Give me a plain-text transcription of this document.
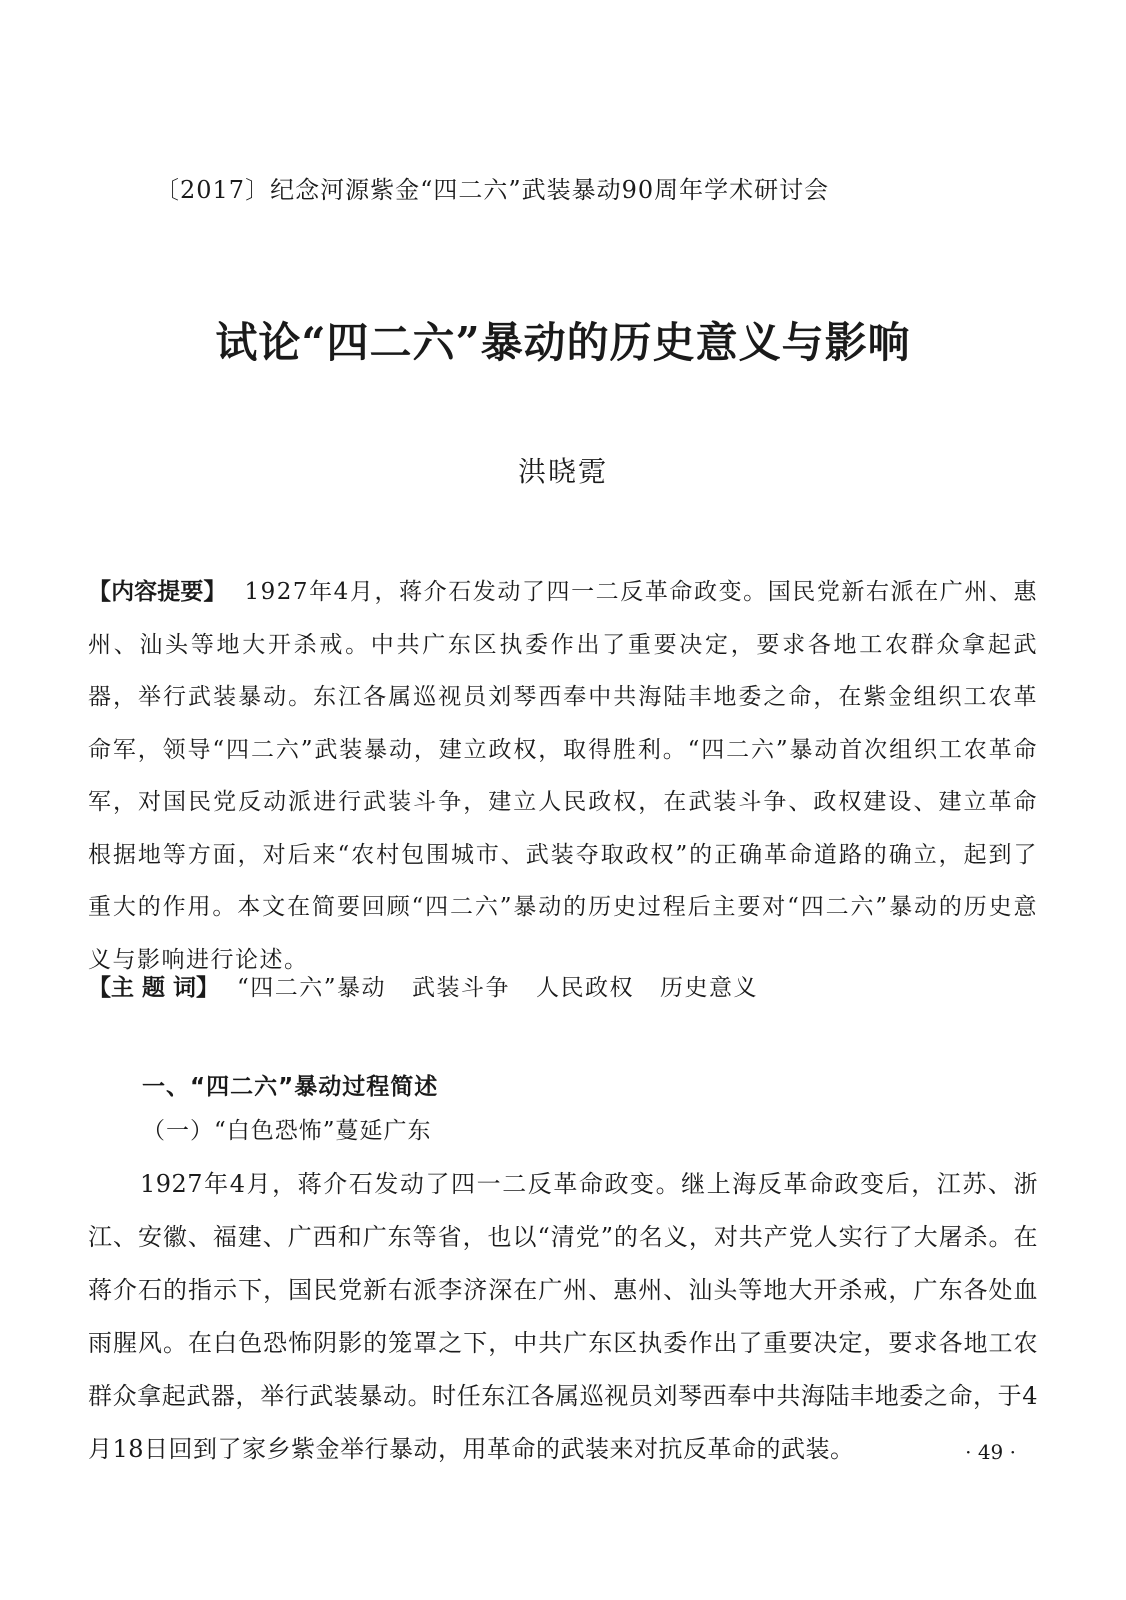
〔2017〕纪念河源紫金“四二六”武装暴动90周年学术研讨会
试论“四二六”暴动的历史意义与影响
洪晓霓
【内容提要】 1927年4月，蒋介石发动了四一二反革命政变。国民党新右派在广州、惠州、汕头等地大开杀戒。中共广东区执委作出了重要决定，要求各地工农群众拿起武器，举行武装暴动。东江各属巡视员刘琴西奉中共海陆丰地委之命，在紫金组织工农革命军，领导“四二六”武装暴动，建立政权，取得胜利。“四二六”暴动首次组织工农革命军，对国民党反动派进行武装斗争，建立人民政权，在武装斗争、政权建设、建立革命根据地等方面，对后来“农村包围城市、武装夺取政权”的正确革命道路的确立，起到了重大的作用。本文在简要回顾“四二六”暴动的历史过程后主要对“四二六”暴动的历史意义与影响进行论述。
【主 题 词】 “四二六”暴动 武装斗争 人民政权 历史意义
一、“四二六”暴动过程简述
（一）“白色恐怖”蔓延广东
1927年4月，蒋介石发动了四一二反革命政变。继上海反革命政变后，江苏、浙江、安徽、福建、广西和广东等省，也以“清党”的名义，对共产党人实行了大屠杀。在蒋介石的指示下，国民党新右派李济深在广州、惠州、汕头等地大开杀戒，广东各处血雨腥风。在白色恐怖阴影的笼罩之下，中共广东区执委作出了重要决定，要求各地工农群众拿起武器，举行武装暴动。时任东江各属巡视员刘琴西奉中共海陆丰地委之命，于4月18日回到了家乡紫金举行暴动，用革命的武装来对抗反革命的武装。	· 49 ·
